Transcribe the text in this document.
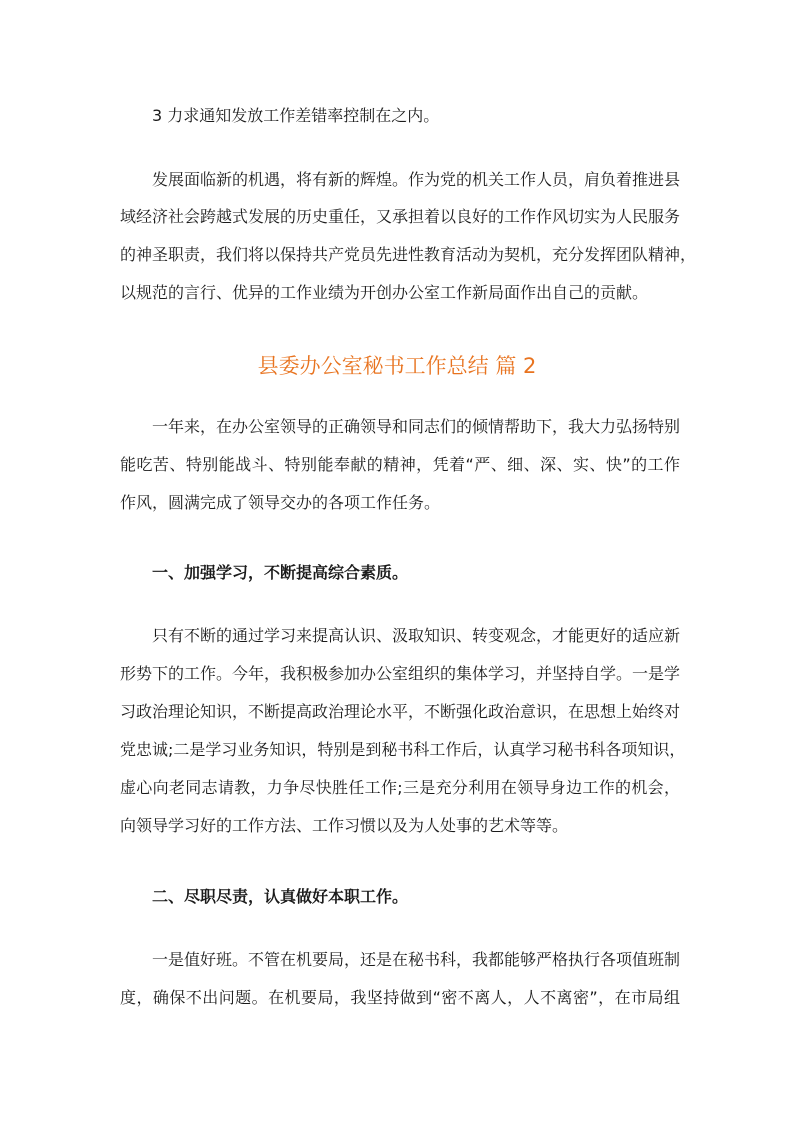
3 力求通知发放工作差错率控制在之内。
发展面临新的机遇，将有新的辉煌。作为党的机关工作人员，肩负着推进县
域经济社会跨越式发展的历史重任，又承担着以良好的工作作风切实为人民服务
的神圣职责，我们将以保持共产党员先进性教育活动为契机，充分发挥团队精神，
以规范的言行、优异的工作业绩为开创办公室工作新局面作出自己的贡献。
县委办公室秘书工作总结 篇 2
一年来，在办公室领导的正确领导和同志们的倾情帮助下，我大力弘扬特别
能吃苦、特别能战斗、特别能奉献的精神，凭着“严、细、深、实、快”的工作
作风，圆满完成了领导交办的各项工作任务。
一、加强学习，不断提高综合素质。
只有不断的通过学习来提高认识、汲取知识、转变观念，才能更好的适应新
形势下的工作。今年，我积极参加办公室组织的集体学习，并坚持自学。一是学
习政治理论知识，不断提高政治理论水平，不断强化政治意识，在思想上始终对
党忠诚;二是学习业务知识，特别是到秘书科工作后，认真学习秘书科各项知识，
虚心向老同志请教，力争尽快胜任工作;三是充分利用在领导身边工作的机会，
向领导学习好的工作方法、工作习惯以及为人处事的艺术等等。
二、尽职尽责，认真做好本职工作。
一是值好班。不管在机要局，还是在秘书科，我都能够严格执行各项值班制
度，确保不出问题。在机要局，我坚持做到“密不离人，人不离密”，在市局组
